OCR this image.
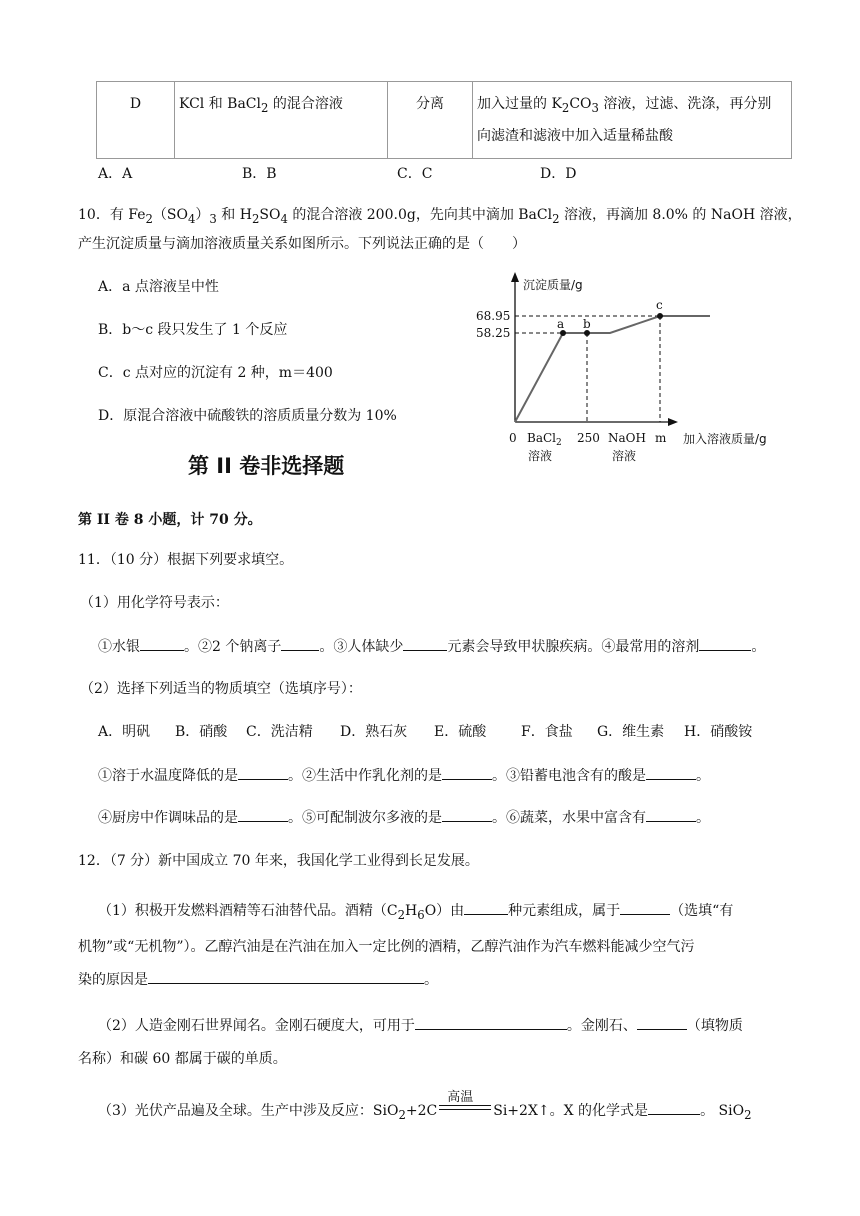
D	KCl 和 BaCl$_2$ 的混合溶液	分离	加入过量的 $K_2CO_3$ 溶液，过滤、洗涤，再分别
向滤渣和滤液中加入适量稀盐酸
A．A	B．B	C．C	D．D
10．有 $Fe_2(SO_4)_3$ 和 $H_2SO_4$ 的混合溶液 200.0g，先向其中滴加 BaCl$_2$ 溶液，再滴加 8.0% 的 NaOH 溶液，
产生沉淀质量与滴加溶液质量关系如图所示。下列说法正确的是（　　）
A．a 点溶液呈中性
B．b～c 段只发生了 1 个反应
C．c 点对应的沉淀有 2 种，m＝400
D．原混合溶液中硫酸铁的溶质质量分数为 10%
a b
c
沉淀质量/g
68.95
58.25
0 BaCl$_2$
溶液
250 NaOH
溶液
m 加入溶液质量/g
第 II 卷非选择题
第 II 卷 8 小题，计 70 分。
11．（10 分）根据下列要求填空。
（1）用化学符号表示：
①水银	。②2 个钠离子	。③人体缺少	元素会导致甲状腺疾病。④最常用的溶剂	。
（2）选择下列适当的物质填空（选填序号）：
A．明矾 B．硝酸 C．洗洁精 D．熟石灰 E．硫酸 F．食盐 G．维生素 H．硝酸铵
①溶于水温度降低的是	。②生活中作乳化剂的是	。③铅蓄电池含有的酸是	。
④厨房中作调味品的是	。⑤可配制波尔多液的是	。⑥蔬菜，水果中富含有	。
12．（7 分）新中国成立 70 年来，我国化学工业得到长足发展。
（1）积极开发燃料酒精等石油替代品。酒精$(C_2H_6O)$由	种元素组成，属于	（选填“有
机物”或“无机物”）。乙醇汽油是在汽油在加入一定比例的酒精，乙醇汽油作为汽车燃料能减少空气污
染的原因是	。
（2）人造金刚石世界闻名。金刚石硬度大，可用于	。金刚石、	（填物质
名称）和碳 60 都属于碳的单质。
（3）光伏产品遍及全球。生产中涉及反应：SiO$_2$+2C
高温
Si+2X↑。X 的化学式是	。 SiO$_2$
